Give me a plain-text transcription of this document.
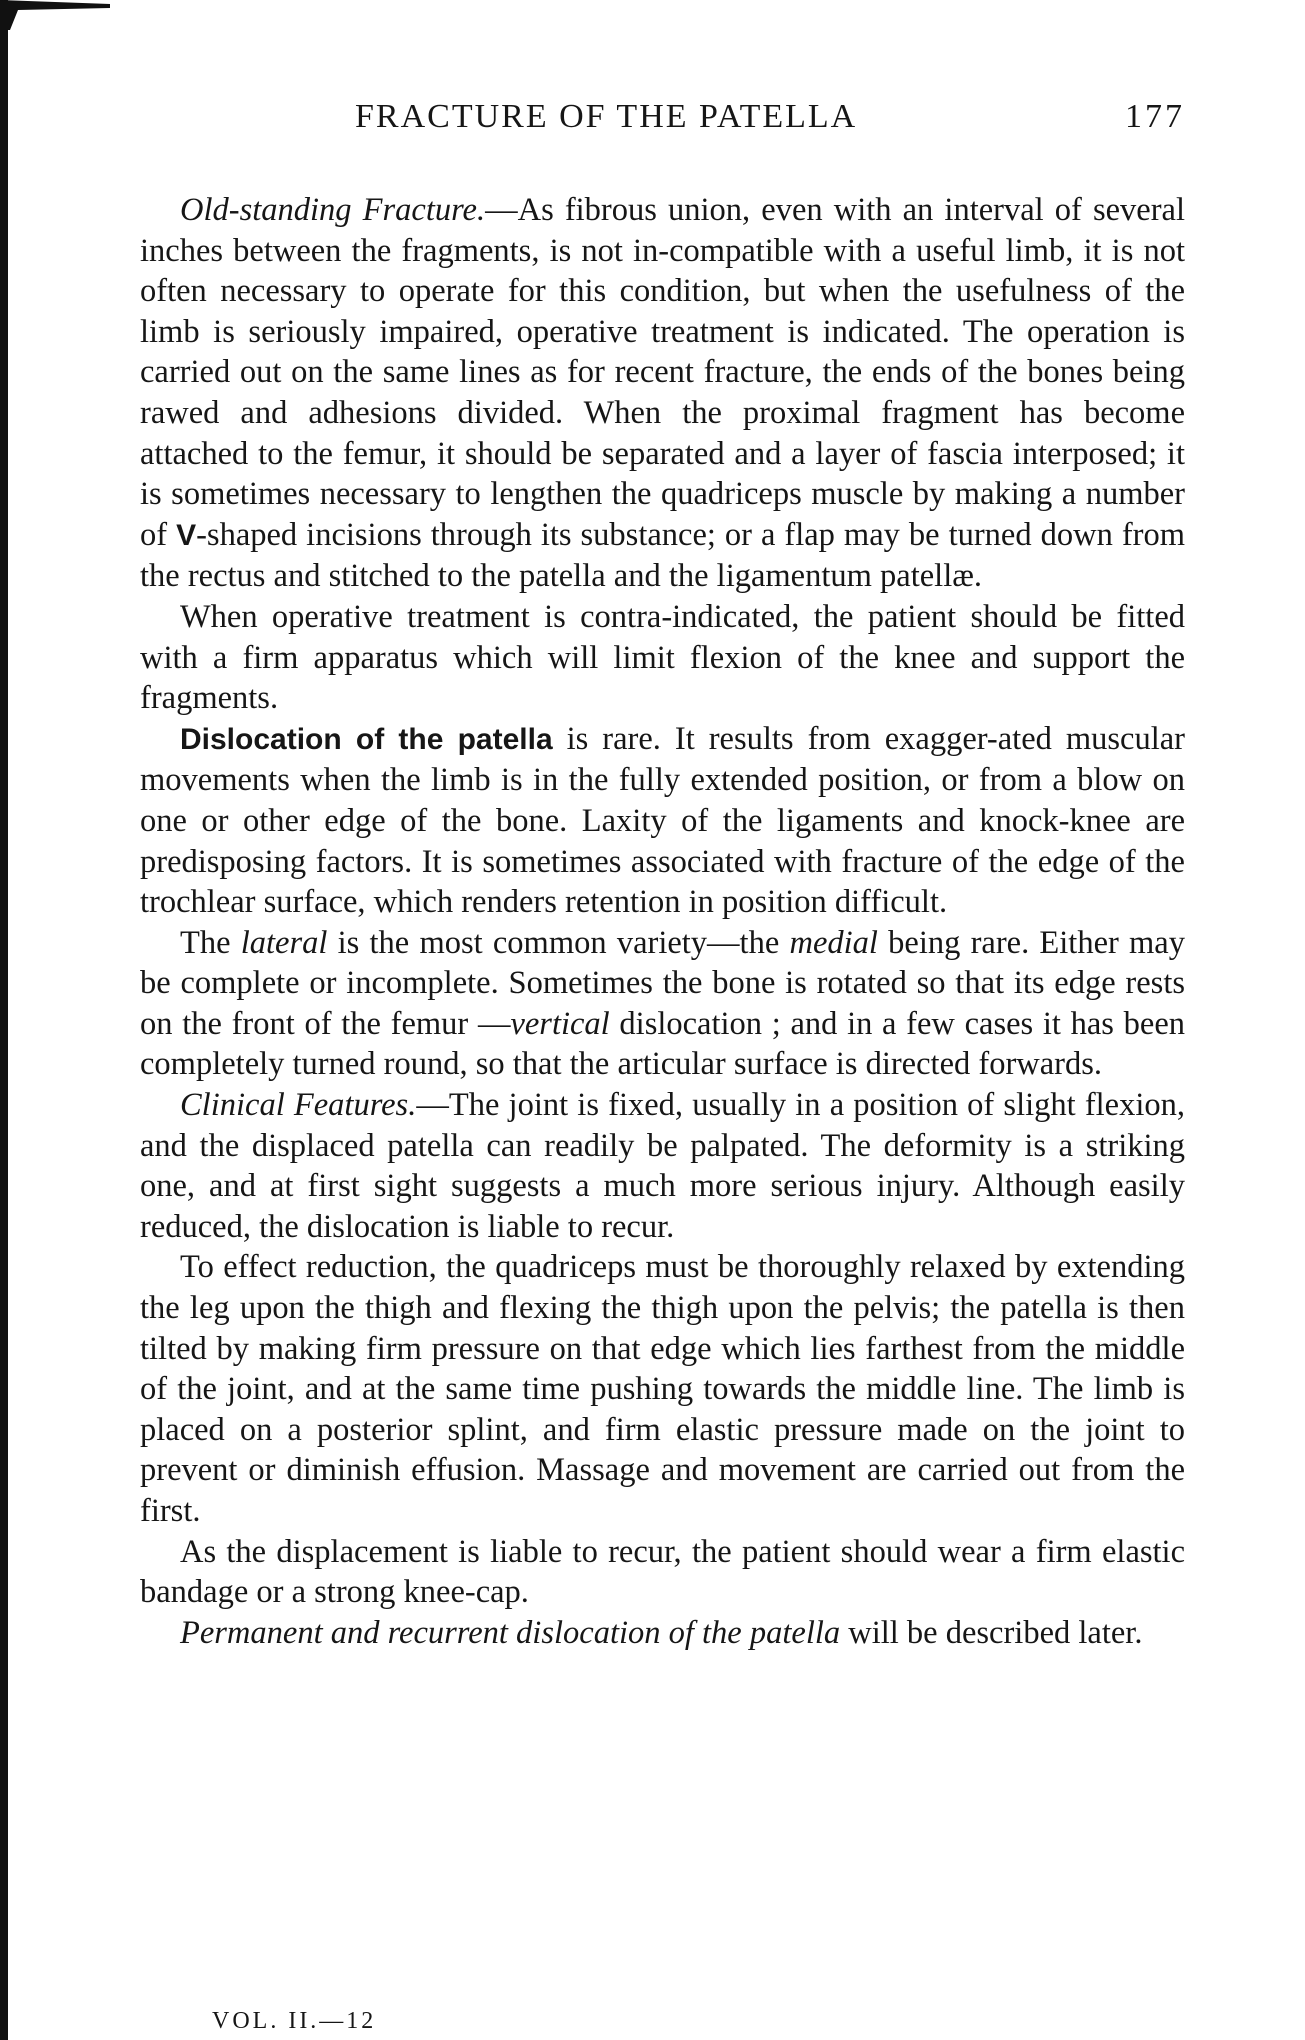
FRACTURE OF THE PATELLA	177

Old-standing Fracture.—As fibrous union, even with an interval of several inches between the fragments, is not in-compatible with a useful limb, it is not often necessary to operate for this condition, but when the usefulness of the limb is seriously impaired, operative treatment is indicated. The operation is carried out on the same lines as for recent fracture, the ends of the bones being rawed and adhesions divided. When the proximal fragment has become attached to the femur, it should be separated and a layer of fascia interposed; it is sometimes necessary to lengthen the quadriceps muscle by making a number of V-shaped incisions through its substance; or a flap may be turned down from the rectus and stitched to the patella and the ligamentum patellæ.

When operative treatment is contra-indicated, the patient should be fitted with a firm apparatus which will limit flexion of the knee and support the fragments.

Dislocation of the patella is rare. It results from exagger-ated muscular movements when the limb is in the fully extended position, or from a blow on one or other edge of the bone. Laxity of the ligaments and knock-knee are predisposing factors. It is sometimes associated with fracture of the edge of the trochlear surface, which renders retention in position difficult.

The lateral is the most common variety—the medial being rare. Either may be complete or incomplete. Sometimes the bone is rotated so that its edge rests on the front of the femur —vertical dislocation ; and in a few cases it has been completely turned round, so that the articular surface is directed forwards.

Clinical Features.—The joint is fixed, usually in a position of slight flexion, and the displaced patella can readily be palpated. The deformity is a striking one, and at first sight suggests a much more serious injury. Although easily reduced, the dislocation is liable to recur.

To effect reduction, the quadriceps must be thoroughly relaxed by extending the leg upon the thigh and flexing the thigh upon the pelvis; the patella is then tilted by making firm pressure on that edge which lies farthest from the middle of the joint, and at the same time pushing towards the middle line. The limb is placed on a posterior splint, and firm elastic pressure made on the joint to prevent or diminish effusion. Massage and movement are carried out from the first.

As the displacement is liable to recur, the patient should wear a firm elastic bandage or a strong knee-cap.

Permanent and recurrent dislocation of the patella will be described later.

VOL. II.—12
